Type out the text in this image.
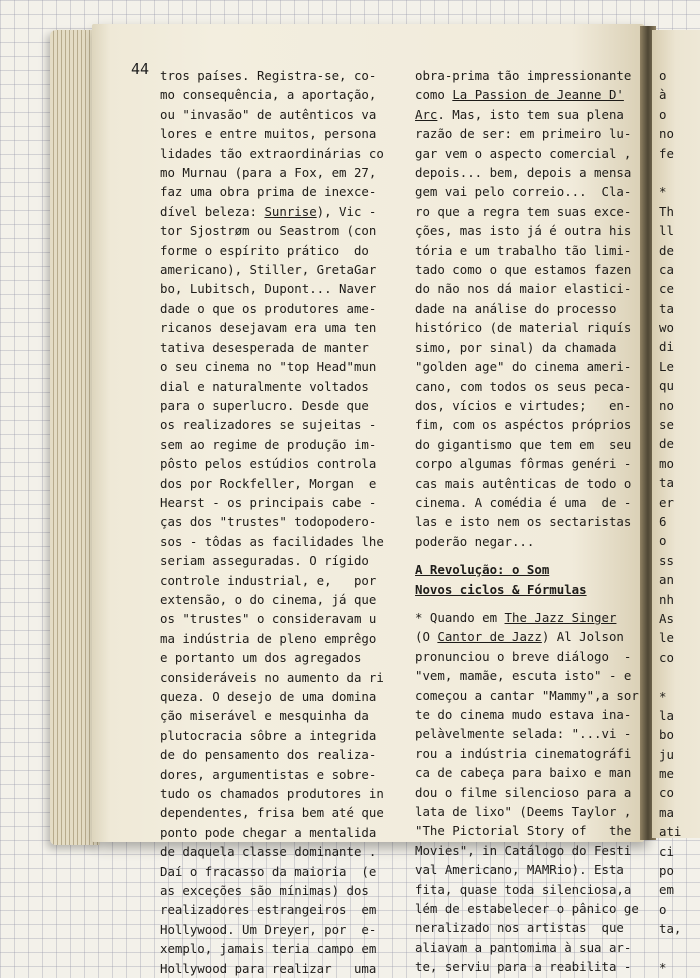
44 tros países. Registra-se, co-
mo consequência, a aportação,
ou "invasão" de autênticos va
lores e entre muitos, persona
lidades tão extraordinárias co
mo Murnau (para a Fox, em 27,
faz uma obra prima de inexce-
dível beleza: Sunrise), Vic -
tor Sjostrøm ou Seastrom (con
forme o espírito prático  do
americano), Stiller, GretaGar
bo, Lubitsch, Dupont... Naver
dade o que os produtores ame-
ricanos desejavam era uma ten
tativa desesperada de manter
o seu cinema no "top Head"mun
dial e naturalmente voltados
para o superlucro. Desde que
os realizadores se sujeitas -
sem ao regime de produção im-
pôsto pelos estúdios controla
dos por Rockfeller, Morgan  e
Hearst - os principais cabe -
ças dos "trustes" todopodero-
sos - tôdas as facilidades lhe
seriam asseguradas. O rígido
controle industrial, e,   por
extensão, o do cinema, já que
os "trustes" o consideravam u
ma indústria de pleno emprêgo
e portanto um dos agregados
consideráveis no aumento da ri
queza. O desejo de uma domina
ção miserável e mesquinha da
plutocracia sôbre a integrida
de do pensamento dos realiza-
dores, argumentistas e sobre-
tudo os chamados produtores in
dependentes, frisa bem até que
ponto pode chegar a mentalida
de daquela classe dominante .
Daí o fracasso da maioria  (e
as exceções são mínimas) dos
realizadores estrangeiros  em
Hollywood. Um Dreyer, por  e-
xemplo, jamais teria campo em
Hollywood para realizar   uma
obra-prima tão impressionante
como La Passion de Jeanne D'
Arc. Mas, isto tem sua plena
razão de ser: em primeiro lu-
gar vem o aspecto comercial ,
depois... bem, depois a mensa
gem vai pelo correio...  Cla-
ro que a regra tem suas exce-
ções, mas isto já é outra his
tória e um trabalho tão limi-
tado como o que estamos fazen
do não nos dá maior elastici-
dade na análise do processo
histórico (de material riquís
simo, por sinal) da chamada
"golden age" do cinema ameri-
cano, com todos os seus peca-
dos, vícios e virtudes;   en-
fim, com os aspéctos próprios
do gigantismo que tem em  seu
corpo algumas fôrmas genéri -
cas mais autênticas de todo o
cinema. A comédia é uma  de -
las e isto nem os sectaristas
poderão negar...
A Revolução: o Som
Novos ciclos & Fórmulas
* Quando em The Jazz Singer
(O Cantor de Jazz) Al Jolson
pronunciou o breve diálogo  -
"vem, mamãe, escuta isto" - e
começou a cantar "Mammy",a sor
te do cinema mudo estava ina-
pelàvelmente selada: "...vi -
rou a indústria cinematográfi
ca de cabeça para baixo e man
dou o filme silencioso para a
lata de lixo" (Deems Taylor ,
"The Pictorial Story of   the
Movies", in Catálogo do Festi
val Americano, MAMRio). Esta
fita, quase toda silenciosa,a
lém de estabelecer o pânico ge
neralizado nos artistas  que
aliavam a pantomima à sua ar-
te, serviu para a reabilita -
o
à
o
no
fe
*
Th
ll
de
ca
ce
ta
wo
di
Le
qu
no
se
de
mo
ta
er
6
o
ss
an
nh
As
le
co
*
la
bo
ju
me
co
ma
ati
ci
po
em
o
ta,
*
